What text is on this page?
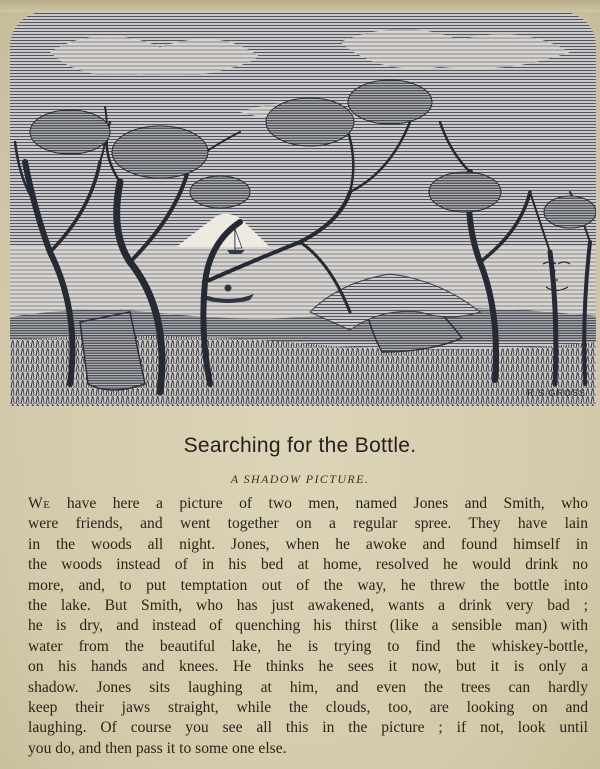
R.S.GROSS
Searching for the Bottle.
A SHADOW PICTURE.
We have here a picture of two men, named Jones and Smith, who
were friends, and went together on a regular spree. They have lain
in the woods all night. Jones, when he awoke and found himself in
the woods instead of in his bed at home, resolved he would drink no
more, and, to put temptation out of the way, he threw the bottle into
the lake. But Smith, who has just awakened, wants a drink very bad ;
he is dry, and instead of quenching his thirst (like a sensible man) with
water from the beautiful lake, he is trying to find the whiskey-bottle,
on his hands and knees. He thinks he sees it now, but it is only a
shadow. Jones sits laughing at him, and even the trees can hardly
keep their jaws straight, while the clouds, too, are looking on and
laughing. Of course you see all this in the picture ; if not, look until
you do, and then pass it to some one else.
